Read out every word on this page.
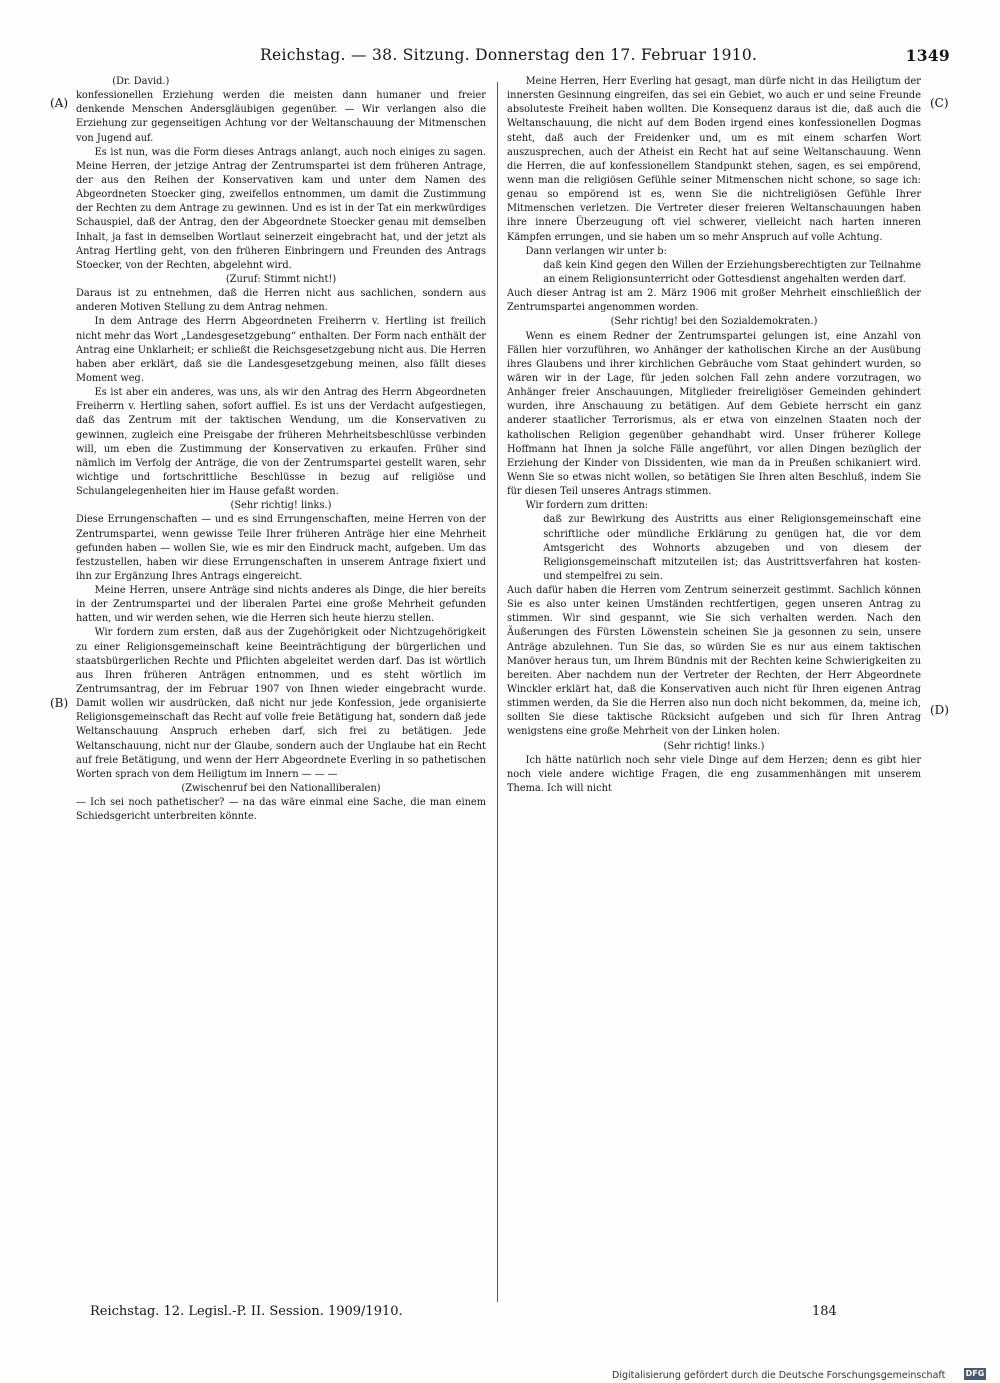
Reichstag. — 38. Sitzung. Donnerstag den 17. Februar 1910.	1349
(A)
(B)
(C)
(D)

(Dr. David.)

konfessionellen Erziehung werden die meisten dann humaner und freier denkende Menschen Andersgläubigen gegenüber. — Wir verlangen also die Erziehung zur gegenseitigen Achtung vor der Weltanschauung der Mitmenschen von Jugend auf.

Es ist nun, was die Form dieses Antrags anlangt, auch noch einiges zu sagen. Meine Herren, der jetzige Antrag der Zentrumspartei ist dem früheren Antrage, der aus den Reihen der Konservativen kam und unter dem Namen des Abgeordneten Stoecker ging, zweifellos entnommen, um damit die Zustimmung der Rechten zu dem Antrage zu gewinnen. Und es ist in der Tat ein merkwürdiges Schauspiel, daß der Antrag, den der Abgeordnete Stoecker genau mit demselben Inhalt, ja fast in demselben Wortlaut seinerzeit eingebracht hat, und der jetzt als Antrag Hertling geht, von den früheren Einbringern und Freunden des Antrags Stoecker, von der Rechten, abgelehnt wird.

(Zuruf: Stimmt nicht!)

Daraus ist zu entnehmen, daß die Herren nicht aus sachlichen, sondern aus anderen Motiven Stellung zu dem Antrag nehmen.

In dem Antrage des Herrn Abgeordneten Freiherrn v. Hertling ist freilich nicht mehr das Wort „Landesgesetzgebung“ enthalten. Der Form nach enthält der Antrag eine Unklarheit; er schließt die Reichsgesetzgebung nicht aus. Die Herren haben aber erklärt, daß sie die Landesgesetzgebung meinen, also fällt dieses Moment weg.

Es ist aber ein anderes, was uns, als wir den Antrag des Herrn Abgeordneten Freiherrn v. Hertling sahen, sofort auffiel. Es ist uns der Verdacht aufgestiegen, daß das Zentrum mit der taktischen Wendung, um die Konservativen zu gewinnen, zugleich eine Preisgabe der früheren Mehrheitsbeschlüsse verbinden will, um eben die Zustimmung der Konservativen zu erkaufen. Früher sind nämlich im Verfolg der Anträge, die von der Zentrumspartei gestellt waren, sehr wichtige und fortschrittliche Beschlüsse in bezug auf religiöse und Schulangelegenheiten hier im Hause gefaßt worden.

(Sehr richtig! links.)

Diese Errungenschaften — und es sind Errungenschaften, meine Herren von der Zentrumspartei, wenn gewisse Teile Ihrer früheren Anträge hier eine Mehrheit gefunden haben — wollen Sie, wie es mir den Eindruck macht, aufgeben. Um das festzustellen, haben wir diese Errungenschaften in unserem Antrage fixiert und ihn zur Ergänzung Ihres Antrags eingereicht.

Meine Herren, unsere Anträge sind nichts anderes als Dinge, die hier bereits in der Zentrumspartei und der liberalen Partei eine große Mehrheit gefunden hatten, und wir werden sehen, wie die Herren sich heute hierzu stellen.

Wir fordern zum ersten, daß aus der Zugehörigkeit oder Nichtzugehörigkeit zu einer Religionsgemeinschaft keine Beeinträchtigung der bürgerlichen und staatsbürgerlichen Rechte und Pflichten abgeleitet werden darf. Das ist wörtlich aus Ihren früheren Anträgen entnommen, und es steht wörtlich im Zentrumsantrag, der im Februar 1907 von Ihnen wieder eingebracht wurde. Damit wollen wir ausdrücken, daß nicht nur jede Konfession, jede organisierte Religionsgemeinschaft das Recht auf volle freie Betätigung hat, sondern daß jede Weltanschauung Anspruch erheben darf, sich frei zu betätigen. Jede Weltanschauung, nicht nur der Glaube, sondern auch der Unglaube hat ein Recht auf freie Betätigung, und wenn der Herr Abgeordnete Everling in so pathetischen Worten sprach von dem Heiligtum im Innern — — —

(Zwischenruf bei den Nationalliberalen)

— Ich sei noch pathetischer? — na das wäre einmal eine Sache, die man einem Schiedsgericht unterbreiten könnte.

Meine Herren, Herr Everling hat gesagt, man dürfe nicht in das Heiligtum der innersten Gesinnung eingreifen, das sei ein Gebiet, wo auch er und seine Freunde absoluteste Freiheit haben wollten. Die Konsequenz daraus ist die, daß auch die Weltanschauung, die nicht auf dem Boden irgend eines konfessionellen Dogmas steht, daß auch der Freidenker und, um es mit einem scharfen Wort auszusprechen, auch der Atheist ein Recht hat auf seine Weltanschauung. Wenn die Herren, die auf konfessionellem Standpunkt stehen, sagen, es sei empörend, wenn man die religiösen Gefühle seiner Mitmenschen nicht schone, so sage ich: genau so empörend ist es, wenn Sie die nichtreligiösen Gefühle Ihrer Mitmenschen verletzen. Die Vertreter dieser freieren Weltanschauungen haben ihre innere Überzeugung oft viel schwerer, vielleicht nach harten inneren Kämpfen errungen, und sie haben um so mehr Anspruch auf volle Achtung.

Dann verlangen wir unter b:

daß kein Kind gegen den Willen der Erziehungsberechtigten zur Teilnahme an einem Religionsunterricht oder Gottesdienst angehalten werden darf.

Auch dieser Antrag ist am 2. März 1906 mit großer Mehrheit einschließlich der Zentrumspartei angenommen worden.

(Sehr richtig! bei den Sozialdemokraten.)

Wenn es einem Redner der Zentrumspartei gelungen ist, eine Anzahl von Fällen hier vorzuführen, wo Anhänger der katholischen Kirche an der Ausübung ihres Glaubens und ihrer kirchlichen Gebräuche vom Staat gehindert wurden, so wären wir in der Lage, für jeden solchen Fall zehn andere vorzutragen, wo Anhänger freier Anschauungen, Mitglieder freireligiöser Gemeinden gehindert wurden, ihre Anschauung zu betätigen. Auf dem Gebiete herrscht ein ganz anderer staatlicher Terrorismus, als er etwa von einzelnen Staaten noch der katholischen Religion gegenüber gehandhabt wird. Unser früherer Kollege Hoffmann hat Ihnen ja solche Fälle angeführt, vor allen Dingen bezüglich der Erziehung der Kinder von Dissidenten, wie man da in Preußen schikaniert wird. Wenn Sie so etwas nicht wollen, so betätigen Sie Ihren alten Beschluß, indem Sie für diesen Teil unseres Antrags stimmen.

Wir fordern zum dritten:

daß zur Bewirkung des Austritts aus einer Religionsgemeinschaft eine schriftliche oder mündliche Erklärung zu genügen hat, die vor dem Amtsgericht des Wohnorts abzugeben und von diesem der Religionsgemeinschaft mitzuteilen ist; das Austrittsverfahren hat kosten- und stempelfrei zu sein.

Auch dafür haben die Herren vom Zentrum seinerzeit gestimmt. Sachlich können Sie es also unter keinen Umständen rechtfertigen, gegen unseren Antrag zu stimmen. Wir sind gespannt, wie Sie sich verhalten werden. Nach den Äußerungen des Fürsten Löwenstein scheinen Sie ja gesonnen zu sein, unsere Anträge abzulehnen. Tun Sie das, so würden Sie es nur aus einem taktischen Manöver heraus tun, um Ihrem Bündnis mit der Rechten keine Schwierigkeiten zu bereiten. Aber nachdem nun der Vertreter der Rechten, der Herr Abgeordnete Winckler erklärt hat, daß die Konservativen auch nicht für Ihren eigenen Antrag stimmen werden, da Sie die Herren also nun doch nicht bekommen, da, meine ich, sollten Sie diese taktische Rücksicht aufgeben und sich für Ihren Antrag wenigstens eine große Mehrheit von der Linken holen.

(Sehr richtig! links.)

Ich hätte natürlich noch sehr viele Dinge auf dem Herzen; denn es gibt hier noch viele andere wichtige Fragen, die eng zusammenhängen mit unserem Thema. Ich will nicht

Reichstag. 12. Legisl.-P. II. Session. 1909/1910.	184
Digitalisierung gefördert durch die Deutsche Forschungsgemeinschaft	DFG
